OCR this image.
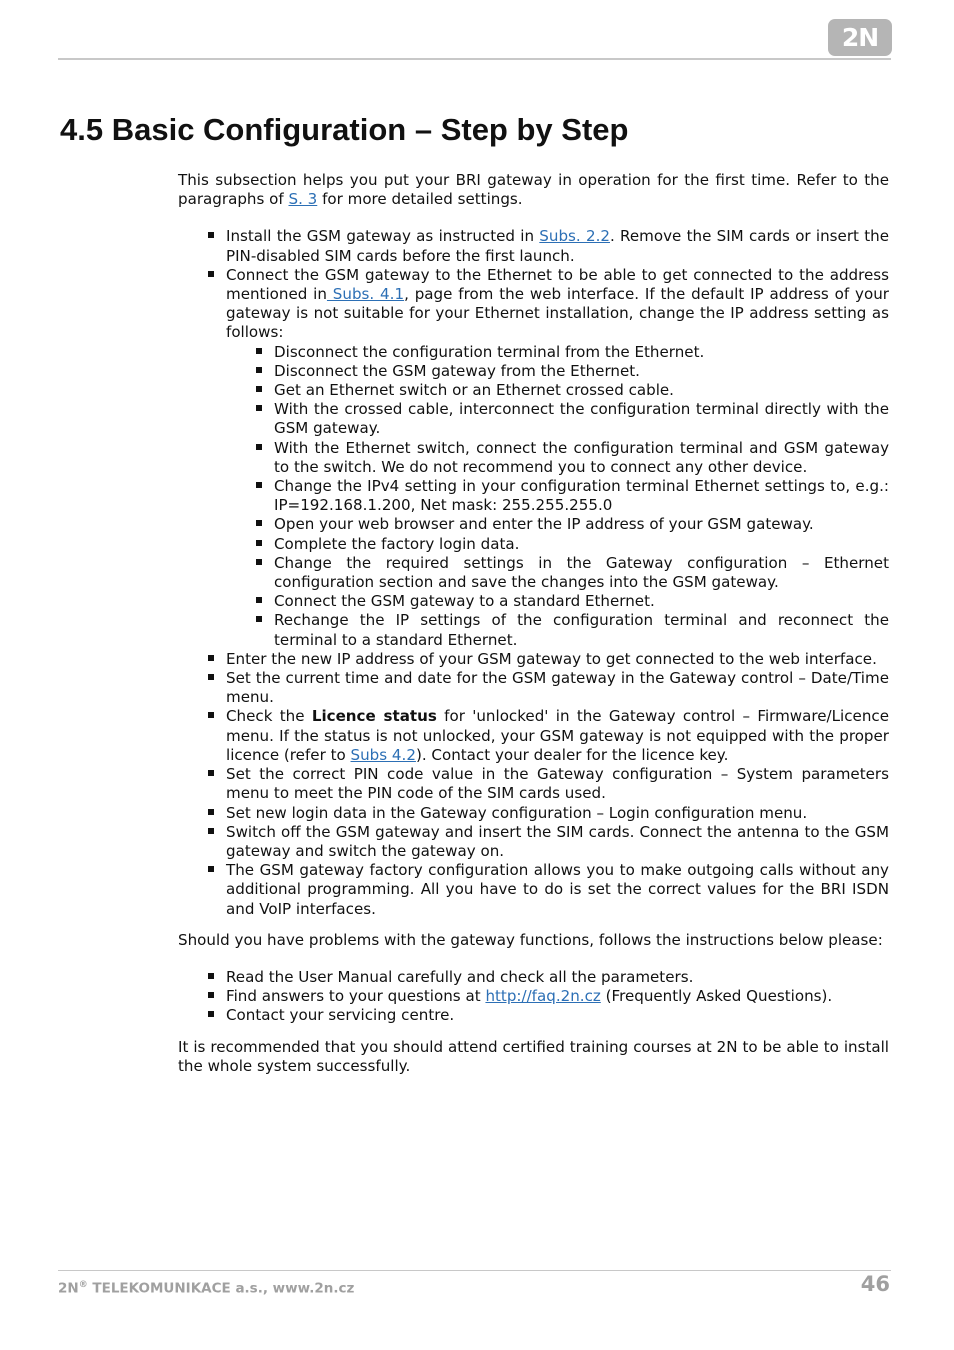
2N
4.5 Basic Configuration – Step by Step

This subsection helps you put your BRI gateway in operation for the first time. Refer to the paragraphs of S. 3 for more detailed settings.

Install the GSM gateway as instructed in Subs. 2.2. Remove the SIM cards or insert the PIN-disabled SIM cards before the first launch.
Connect the GSM gateway to the Ethernet to be able to get connected to the address mentioned in Subs. 4.1, page from the web interface. If the default IP address of your gateway is not suitable for your Ethernet installation, change the IP address setting as follows:
Disconnect the configuration terminal from the Ethernet.
Disconnect the GSM gateway from the Ethernet.
Get an Ethernet switch or an Ethernet crossed cable.
With the crossed cable, interconnect the configuration terminal directly with the GSM gateway.
With the Ethernet switch, connect the configuration terminal and GSM gateway to the switch. We do not recommend you to connect any other device.
Change the IPv4 setting in your configuration terminal Ethernet settings to, e.g.: IP=192.168.1.200, Net mask: 255.255.255.0
Open your web browser and enter the IP address of your GSM gateway.
Complete the factory login data.
Change the required settings in the Gateway configuration – Ethernet configuration section and save the changes into the GSM gateway.
Connect the GSM gateway to a standard Ethernet.
Rechange the IP settings of the configuration terminal and reconnect the terminal to a standard Ethernet.
Enter the new IP address of your GSM gateway to get connected to the web interface.
Set the current time and date for the GSM gateway in the Gateway control – Date/Time menu.
Check the Licence status for 'unlocked' in the Gateway control – Firmware/Licence menu. If the status is not unlocked, your GSM gateway is not equipped with the proper licence (refer to Subs 4.2). Contact your dealer for the licence key.
Set the correct PIN code value in the Gateway configuration – System parameters menu to meet the PIN code of the SIM cards used.
Set new login data in the Gateway configuration – Login configuration menu.
Switch off the GSM gateway and insert the SIM cards. Connect the antenna to the GSM gateway and switch the gateway on.
The GSM gateway factory configuration allows you to make outgoing calls without any additional programming. All you have to do is set the correct values for the BRI ISDN and VoIP interfaces.

Should you have problems with the gateway functions, follows the instructions below please:

Read the User Manual carefully and check all the parameters.
Find answers to your questions at http://faq.2n.cz (Frequently Asked Questions).
Contact your servicing centre.

It is recommended that you should attend certified training courses at 2N to be able to install the whole system successfully.

2N® TELEKOMUNIKACE a.s., www.2n.cz	46
